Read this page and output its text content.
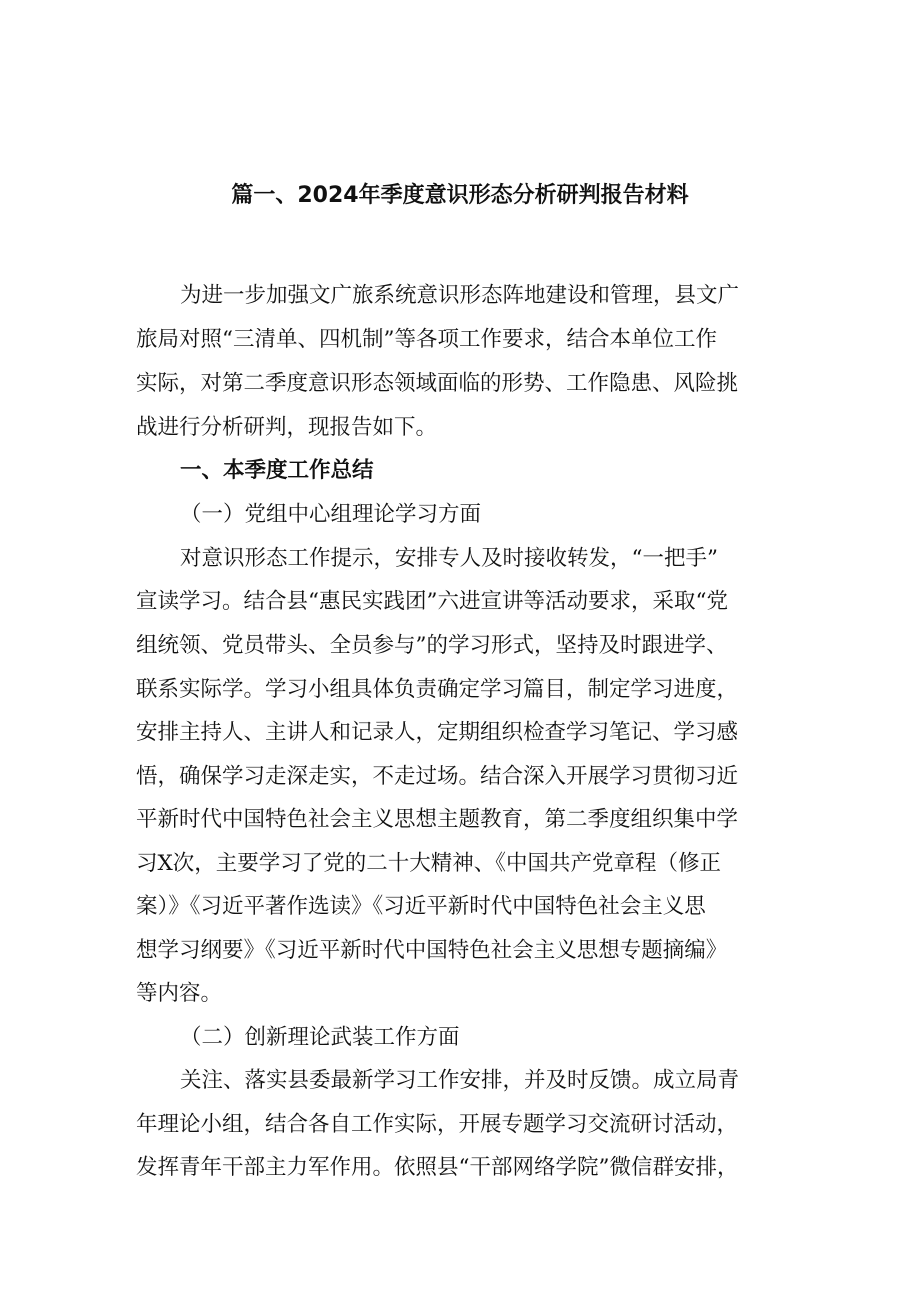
篇一、2024年季度意识形态分析研判报告材料
为进一步加强文广旅系统意识形态阵地建设和管理，县文广
旅局对照“三清单、四机制”等各项工作要求，结合本单位工作
实际，对第二季度意识形态领域面临的形势、工作隐患、风险挑
战进行分析研判，现报告如下。
一、本季度工作总结
（一）党组中心组理论学习方面
对意识形态工作提示，安排专人及时接收转发，“一把手”
宣读学习。结合县“惠民实践团”六进宣讲等活动要求，采取“党
组统领、党员带头、全员参与”的学习形式，坚持及时跟进学、
联系实际学。学习小组具体负责确定学习篇目，制定学习进度，
安排主持人、主讲人和记录人，定期组织检查学习笔记、学习感
悟，确保学习走深走实，不走过场。结合深入开展学习贯彻习近
平新时代中国特色社会主义思想主题教育，第二季度组织集中学
习X次，主要学习了党的二十大精神、《中国共产党章程（修正
案）》《习近平著作选读》《习近平新时代中国特色社会主义思
想学习纲要》《习近平新时代中国特色社会主义思想专题摘编》
等内容。
（二）创新理论武装工作方面
关注、落实县委最新学习工作安排，并及时反馈。成立局青
年理论小组，结合各自工作实际，开展专题学习交流研讨活动，
发挥青年干部主力军作用。依照县“干部网络学院”微信群安排，
